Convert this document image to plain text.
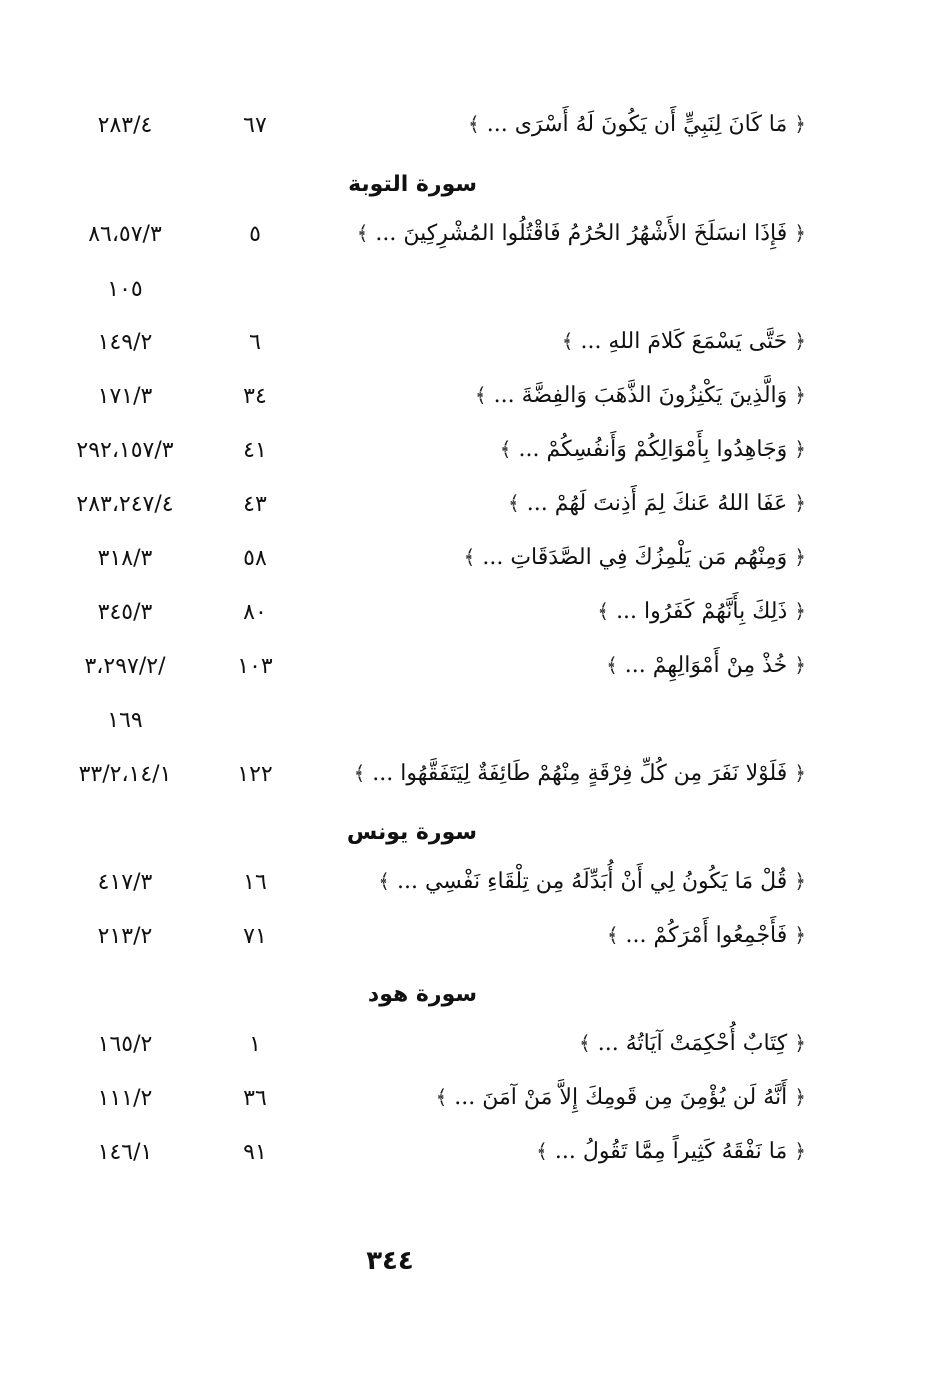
﴿ مَا كَانَ لِنَبِيٍّ أَن يَكُونَ لَهُ أَسْرَى ... ﴾
٦٧
٢٨٣/٤
سورة التوبة
﴿ فَإِذَا انسَلَخَ الأَشْهُرُ الحُرُمُ فَاقْتُلُوا المُشْرِكِينَ ... ﴾
٥
٨٦،٥٧/٣
١٠٥
﴿ حَتَّى يَسْمَعَ كَلامَ اللهِ ... ﴾
٦
١٤٩/٢
﴿ وَالَّذِينَ يَكْنِزُونَ الذَّهَبَ وَالفِضَّةَ ... ﴾
٣٤
١٧١/٣
﴿ وَجَاهِدُوا بِأَمْوَالِكُمْ وَأَنفُسِكُمْ ... ﴾
٤١
٢٩٢،١٥٧/٣
﴿ عَفَا اللهُ عَنكَ لِمَ أَذِنتَ لَهُمْ ... ﴾
٤٣
٢٨٣،٢٤٧/٤
﴿ وَمِنْهُم مَن يَلْمِزُكَ فِي الصَّدَقَاتِ ... ﴾
٥٨
٣١٨/٣
﴿ ذَلِكَ بِأَنَّهُمْ كَفَرُوا ... ﴾
٨٠
٣٤٥/٣
﴿ خُذْ مِنْ أَمْوَالِهِمْ ... ﴾
١٠٣
/٣،٢٩٧/٢
١٦٩
﴿ فَلَوْلا نَفَرَ مِن كُلِّ فِرْقَةٍ مِنْهُمْ طَائِفَةٌ لِيَتَفَقَّهُوا ... ﴾
١٢٢
٣٣/٢،١٤/١
سورة يونس
﴿ قُلْ مَا يَكُونُ لِي أَنْ أُبَدِّلَهُ مِن تِلْقَاءِ نَفْسِي ... ﴾
١٦
٤١٧/٣
﴿ فَأَجْمِعُوا أَمْرَكُمْ ... ﴾
٧١
٢١٣/٢
سورة هود
﴿ كِتَابٌ أُحْكِمَتْ آيَاتُهُ ... ﴾
١
١٦٥/٢
﴿ أَنَّهُ لَن يُؤْمِنَ مِن قَومِكَ إِلاَّ مَنْ آمَنَ ... ﴾
٣٦
١١١/٢
﴿ مَا نَفْقَهُ كَثِيراً مِمَّا تَقُولُ ... ﴾
٩١
١٤٦/١
٣٤٤
